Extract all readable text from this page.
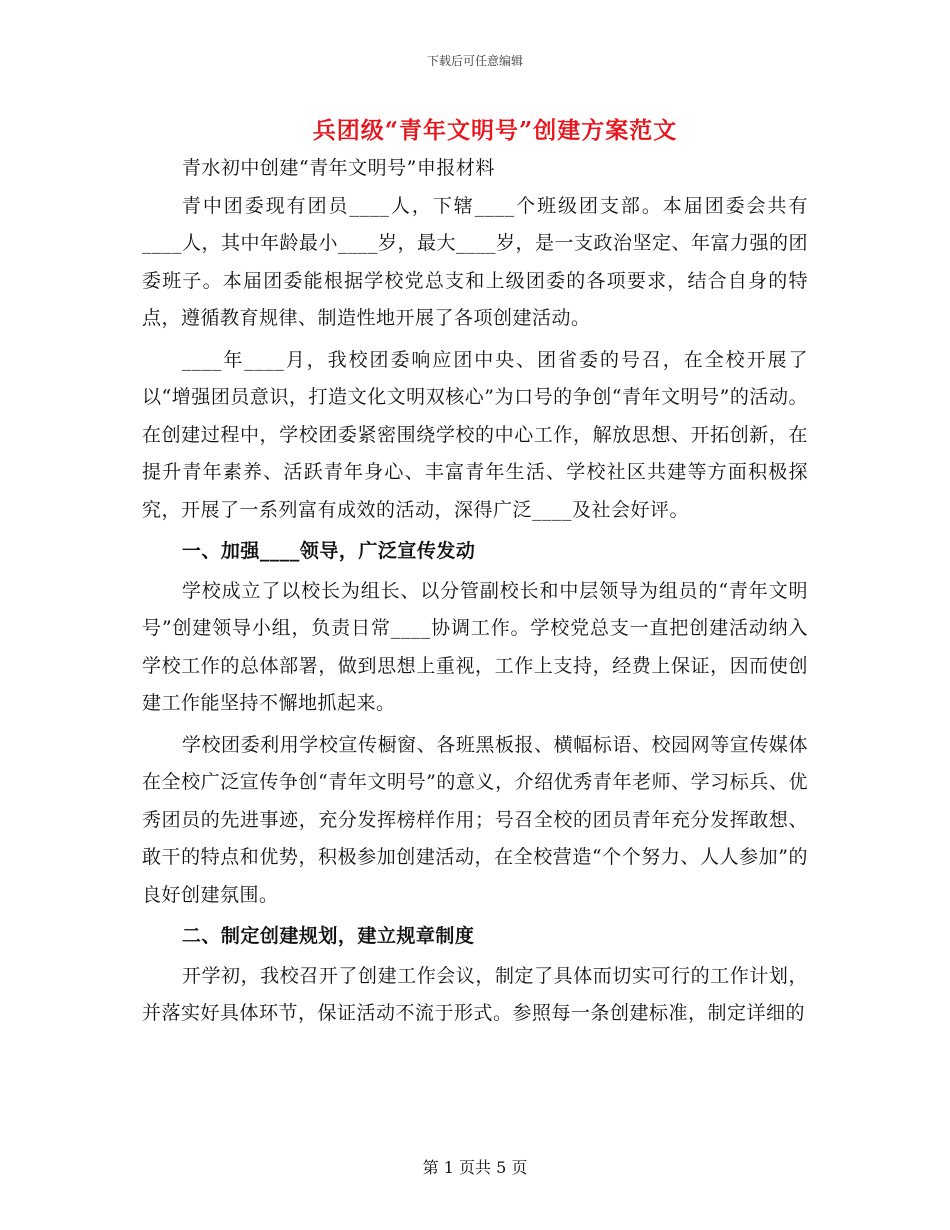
下载后可任意编辑
兵团级“青年文明号”创建方案范文

青水初中创建“青年文明号”申报材料

青中团委现有团员____人，下辖____个班级团支部。本届团委会共有____人，其中年龄最小____岁，最大____岁，是一支政治坚定、年富力强的团委班子。本届团委能根据学校党总支和上级团委的各项要求，结合自身的特点，遵循教育规律、制造性地开展了各项创建活动。

____年____月，我校团委响应团中央、团省委的号召，在全校开展了以“增强团员意识，打造文化文明双核心”为口号的争创“青年文明号”的活动。在创建过程中，学校团委紧密围绕学校的中心工作，解放思想、开拓创新，在提升青年素养、活跃青年身心、丰富青年生活、学校社区共建等方面积极探究，开展了一系列富有成效的活动，深得广泛____及社会好评。

一、加强____领导，广泛宣传发动

学校成立了以校长为组长、以分管副校长和中层领导为组员的“青年文明号”创建领导小组，负责日常____协调工作。学校党总支一直把创建活动纳入学校工作的总体部署，做到思想上重视，工作上支持，经费上保证，因而使创建工作能坚持不懈地抓起来。

学校团委利用学校宣传橱窗、各班黑板报、横幅标语、校园网等宣传媒体在全校广泛宣传争创“青年文明号”的意义，介绍优秀青年老师、学习标兵、优秀团员的先进事迹，充分发挥榜样作用；号召全校的团员青年充分发挥敢想、敢干的特点和优势，积极参加创建活动，在全校营造“个个努力、人人参加”的良好创建氛围。

二、制定创建规划，建立规章制度

开学初，我校召开了创建工作会议，制定了具体而切实可行的工作计划，并落实好具体环节，保证活动不流于形式。参照每一条创建标准，制定详细的

第 1 页共 5 页
